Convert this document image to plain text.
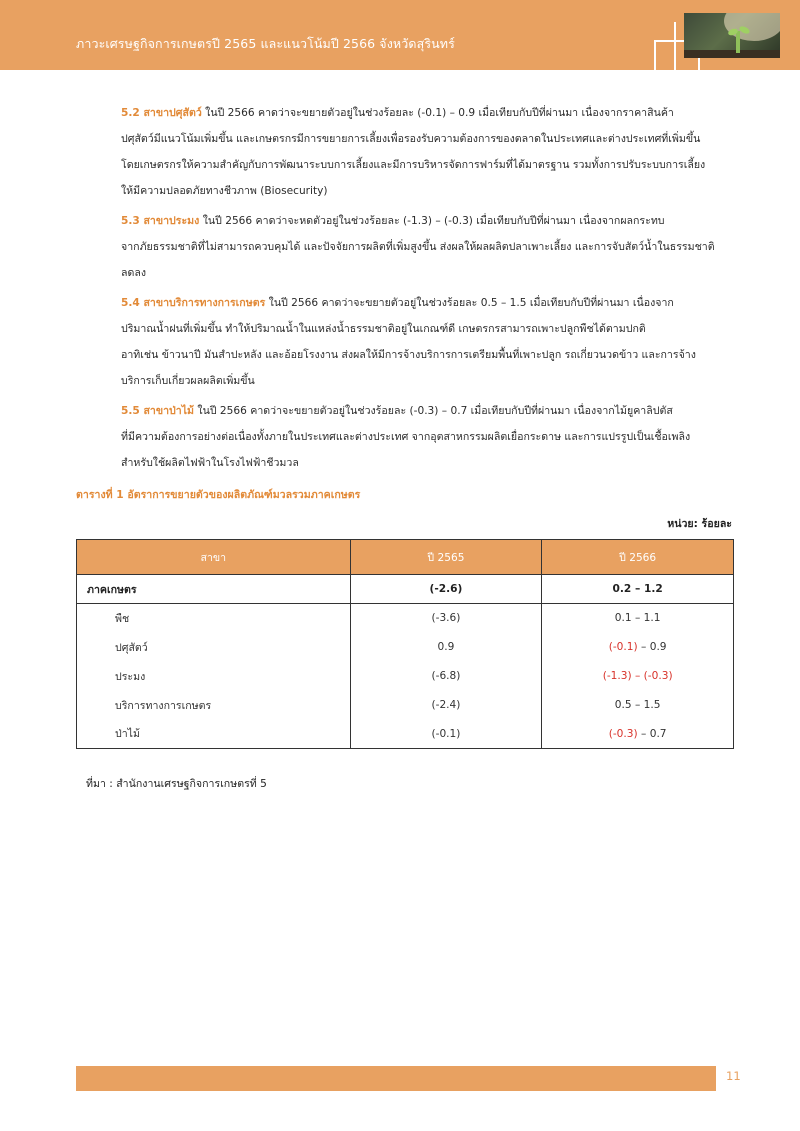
ภาวะเศรษฐกิจการเกษตรปี 2565 และแนวโน้มปี 2566 จังหวัดสุรินทร์
5.2 สาขาปศุสัตว์ ในปี 2566 คาดว่าจะขยายตัวอยู่ในช่วงร้อยละ (-0.1) – 0.9 เมื่อเทียบกับปีที่ผ่านมา เนื่องจากราคาสินค้า
ปศุสัตว์มีแนวโน้มเพิ่มขึ้น และเกษตรกรมีการขยายการเลี้ยงเพื่อรองรับความต้องการของตลาดในประเทศและต่างประเทศที่เพิ่มขึ้น
โดยเกษตรกรให้ความสำคัญกับการพัฒนาระบบการเลี้ยงและมีการบริหารจัดการฟาร์มที่ได้มาตรฐาน รวมทั้งการปรับระบบการเลี้ยง
ให้มีความปลอดภัยทางชีวภาพ (Biosecurity)
5.3 สาขาประมง ในปี 2566 คาดว่าจะหดตัวอยู่ในช่วงร้อยละ (-1.3) – (-0.3) เมื่อเทียบกับปีที่ผ่านมา เนื่องจากผลกระทบ
จากภัยธรรมชาติที่ไม่สามารถควบคุมได้ และปัจจัยการผลิตที่เพิ่มสูงขึ้น ส่งผลให้ผลผลิตปลาเพาะเลี้ยง และการจับสัตว์น้ำในธรรมชาติ
ลดลง
5.4 สาขาบริการทางการเกษตร ในปี 2566 คาดว่าจะขยายตัวอยู่ในช่วงร้อยละ 0.5 – 1.5 เมื่อเทียบกับปีที่ผ่านมา เนื่องจาก
ปริมาณน้ำฝนที่เพิ่มขึ้น ทำให้ปริมาณน้ำในแหล่งน้ำธรรมชาติอยู่ในเกณฑ์ดี เกษตรกรสามารถเพาะปลูกพืชได้ตามปกติ
อาทิเช่น ข้าวนาปี มันสำปะหลัง และอ้อยโรงงาน ส่งผลให้มีการจ้างบริการการเตรียมพื้นที่เพาะปลูก รถเกี่ยวนวดข้าว และการจ้าง
บริการเก็บเกี่ยวผลผลิตเพิ่มขึ้น
5.5 สาขาป่าไม้ ในปี 2566 คาดว่าจะขยายตัวอยู่ในช่วงร้อยละ (-0.3) – 0.7 เมื่อเทียบกับปีที่ผ่านมา เนื่องจากไม้ยูคาลิปตัส
ที่มีความต้องการอย่างต่อเนื่องทั้งภายในประเทศและต่างประเทศ จากอุตสาหกรรมผลิตเยื่อกระดาษ และการแปรรูปเป็นเชื้อเพลิง
สำหรับใช้ผลิตไฟฟ้าในโรงไฟฟ้าชีวมวล
ตารางที่ 1 อัตราการขยายตัวของผลิตภัณฑ์มวลรวมภาคเกษตร
หน่วย: ร้อยละ
สาขา	ปี 2565	ปี 2566
ภาคเกษตร	(-2.6)	0.2 – 1.2
พืช	(-3.6)	0.1 – 1.1
ปศุสัตว์	0.9	(-0.1) – 0.9
ประมง	(-6.8)	(-1.3) – (-0.3)
บริการทางการเกษตร	(-2.4)	0.5 – 1.5
ป่าไม้	(-0.1)	(-0.3) – 0.7
ที่มา : สำนักงานเศรษฐกิจการเกษตรที่ 5
11
